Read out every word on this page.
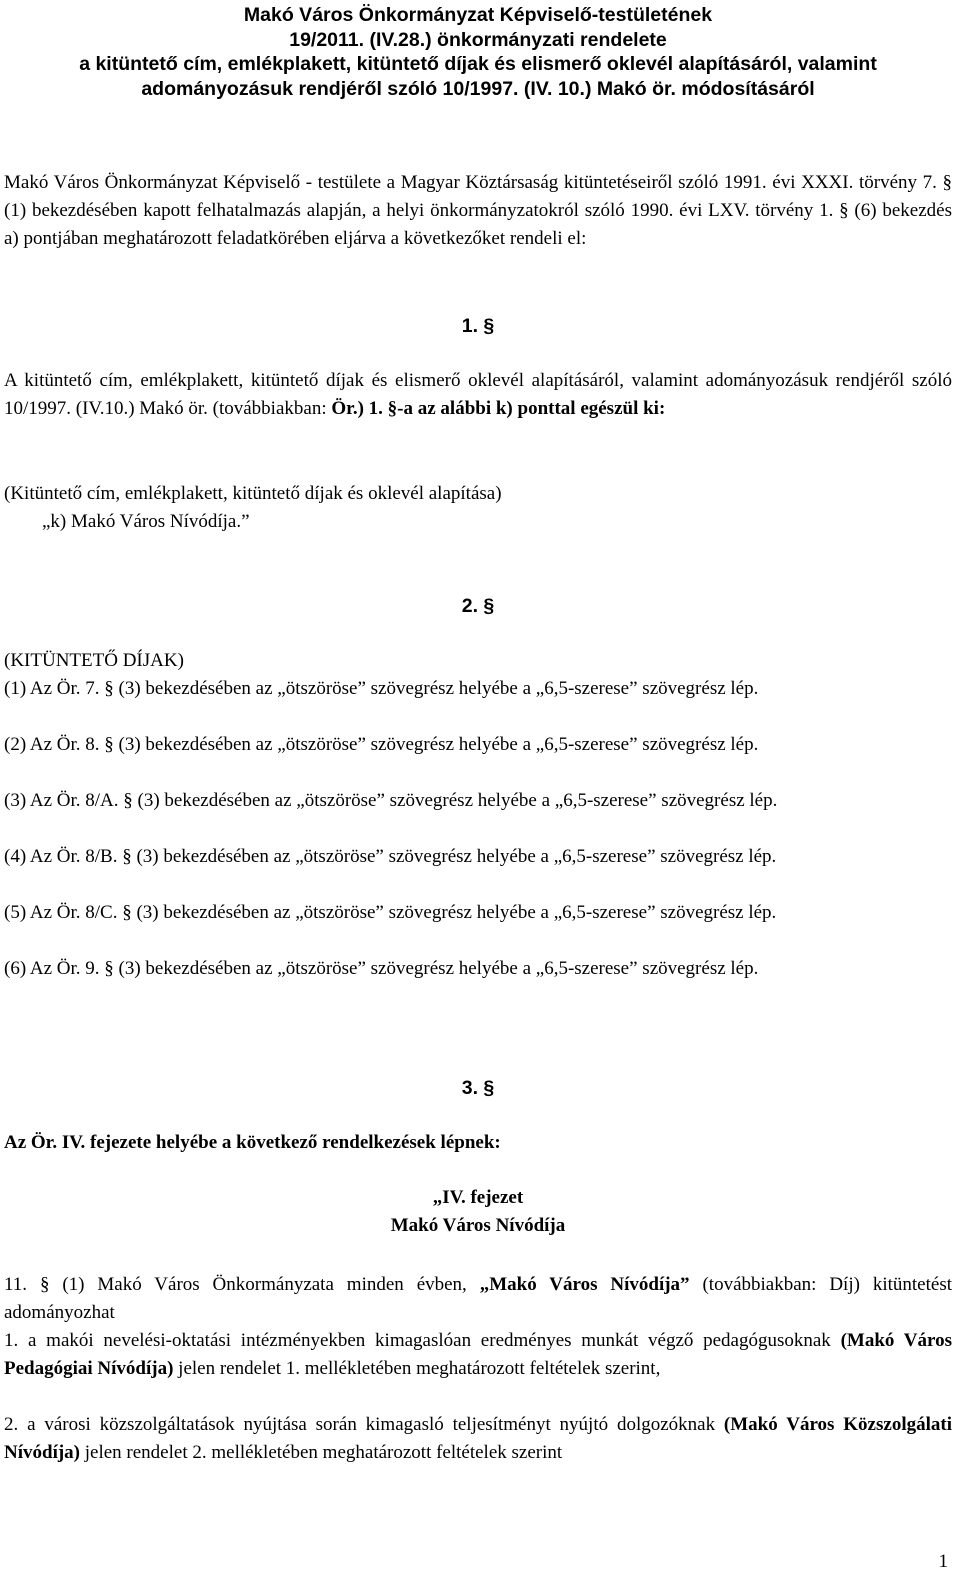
Makó Város Önkormányzat Képviselő-testületének
19/2011. (IV.28.) önkormányzati rendelete
a kitüntető cím, emlékplakett, kitüntető díjak és elismerő oklevél alapításáról, valamint
adományozásuk rendjéről szóló 10/1997. (IV. 10.) Makó ör. módosításáról
Makó Város Önkormányzat Képviselő - testülete a Magyar Köztársaság kitüntetéseiről szóló 1991. évi XXXI. törvény 7. § (1) bekezdésében kapott felhatalmazás alapján, a helyi önkormányzatokról szóló 1990. évi LXV. törvény 1. § (6) bekezdés a) pontjában meghatározott feladatkörében eljárva a következőket rendeli el:
1. §
A kitüntető cím, emlékplakett, kitüntető díjak és elismerő oklevél alapításáról, valamint adományozásuk rendjéről szóló 10/1997. (IV.10.) Makó ör. (továbbiakban: Ör.) 1. §-a az alábbi k) ponttal egészül ki:
(Kitüntető cím, emlékplakett, kitüntető díjak és oklevél alapítása)
„k) Makó Város Nívódíja.”
2. §
(KITÜNTETŐ DÍJAK)
(1) Az Ör. 7. § (3) bekezdésében az „ötszöröse” szövegrész helyébe a „6,5-szerese” szövegrész lép.
(2) Az Ör. 8. § (3) bekezdésében az „ötszöröse” szövegrész helyébe a „6,5-szerese” szövegrész lép.
(3) Az Ör. 8/A. § (3) bekezdésében az „ötszöröse” szövegrész helyébe a „6,5-szerese” szövegrész lép.
(4) Az Ör. 8/B. § (3) bekezdésében az „ötszöröse” szövegrész helyébe a „6,5-szerese” szövegrész lép.
(5) Az Ör. 8/C. § (3) bekezdésében az „ötszöröse” szövegrész helyébe a „6,5-szerese” szövegrész lép.
(6) Az Ör. 9. § (3) bekezdésében az „ötszöröse” szövegrész helyébe a „6,5-szerese” szövegrész lép.
3. §
Az Ör. IV. fejezete helyébe a következő rendelkezések lépnek:
„IV. fejezet
Makó Város Nívódíja
11. § (1) Makó Város Önkormányzata minden évben, „Makó Város Nívódíja” (továbbiakban: Díj) kitüntetést adományozhat
1. a makói nevelési-oktatási intézményekben kimagaslóan eredményes munkát végző pedagógusoknak (Makó Város Pedagógiai Nívódíja) jelen rendelet 1. mellékletében meghatározott feltételek szerint,
2. a városi közszolgáltatások nyújtása során kimagasló teljesítményt nyújtó dolgozóknak (Makó Város Közszolgálati Nívódíja) jelen rendelet 2. mellékletében meghatározott feltételek szerint
1
